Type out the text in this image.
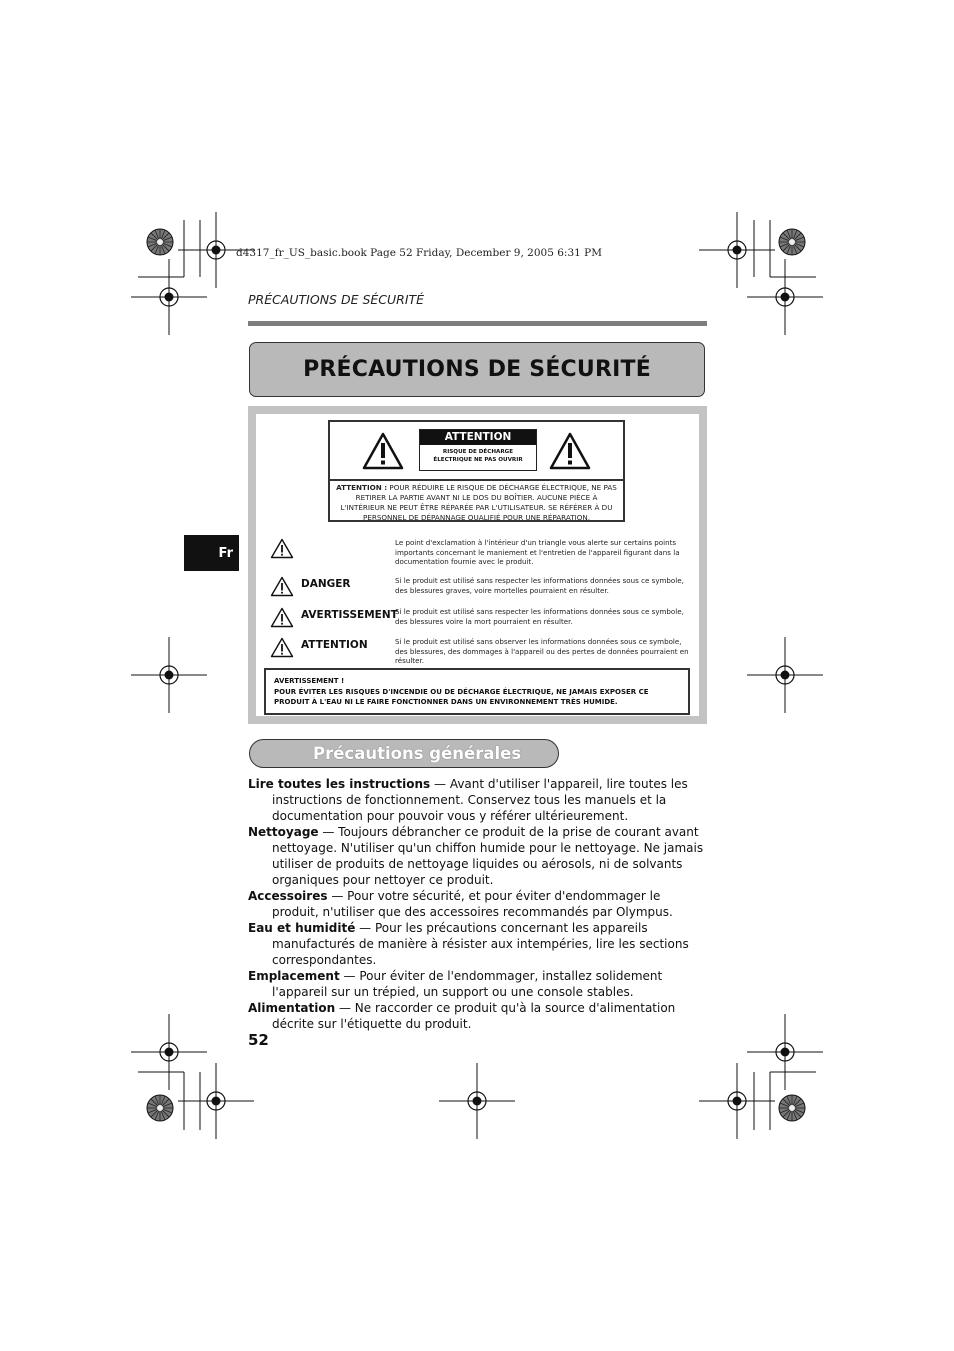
d4317_fr_US_basic.book Page 52 Friday, December 9, 2005 6:31 PM
PRÉCAUTIONS DE SÉCURITÉ
PRÉCAUTIONS DE SÉCURITÉ
Fr
ATTENTION
RISQUE DE DÉCHARGE
ÉLECTRIQUE NE PAS OUVRIR
ATTENTION : POUR RÉDUIRE LE RISQUE DE DÉCHARGE ÉLECTRIQUE, NE PAS RETIRER LA PARTIE AVANT NI LE DOS DU BOÎTIER. AUCUNE PIÈCE À L'INTÉRIEUR NE PEUT ÊTRE RÉPARÉE PAR L'UTILISATEUR. SE RÉFÉRER À DU PERSONNEL DE DÉPANNAGE QUALIFIÉ POUR UNE RÉPARATION.
Le point d'exclamation à l'intérieur d'un triangle vous alerte sur certains points importants concernant le maniement et l'entretien de l'appareil figurant dans la documentation fournie avec le produit.
DANGER	Si le produit est utilisé sans respecter les informations données sous ce symbole, des blessures graves, voire mortelles pourraient en résulter.
AVERTISSEMENT
Si le produit est utilisé sans respecter les informations données sous ce symbole, des blessures voire la mort pourraient en résulter.
ATTENTION	Si le produit est utilisé sans observer les informations données sous ce symbole, des blessures, des dommages à l'appareil ou des pertes de données pourraient en résulter.
AVERTISSEMENT !
POUR ÉVITER LES RISQUES D'INCENDIE OU DE DÉCHARGE ÉLECTRIQUE, NE JAMAIS EXPOSER CE PRODUIT À L'EAU NI LE FAIRE FONCTIONNER DANS UN ENVIRONNEMENT TRÈS HUMIDE.
Précautions générales

Lire toutes les instructions — Avant d'utiliser l'appareil, lire toutes les instructions de fonctionnement. Conservez tous les manuels et la documentation pour pouvoir vous y référer ultérieurement.

Nettoyage — Toujours débrancher ce produit de la prise de courant avant nettoyage. N'utiliser qu'un chiffon humide pour le nettoyage. Ne jamais utiliser de produits de nettoyage liquides ou aérosols, ni de solvants organiques pour nettoyer ce produit.

Accessoires — Pour votre sécurité, et pour éviter d'endommager le produit, n'utiliser que des accessoires recommandés par Olympus.

Eau et humidité — Pour les précautions concernant les appareils manufacturés de manière à résister aux intempéries, lire les sections correspondantes.

Emplacement — Pour éviter de l'endommager, installez solidement l'appareil sur un trépied, un support ou une console stables.

Alimentation — Ne raccorder ce produit qu'à la source d'alimentation décrite sur l'étiquette du produit.

52
